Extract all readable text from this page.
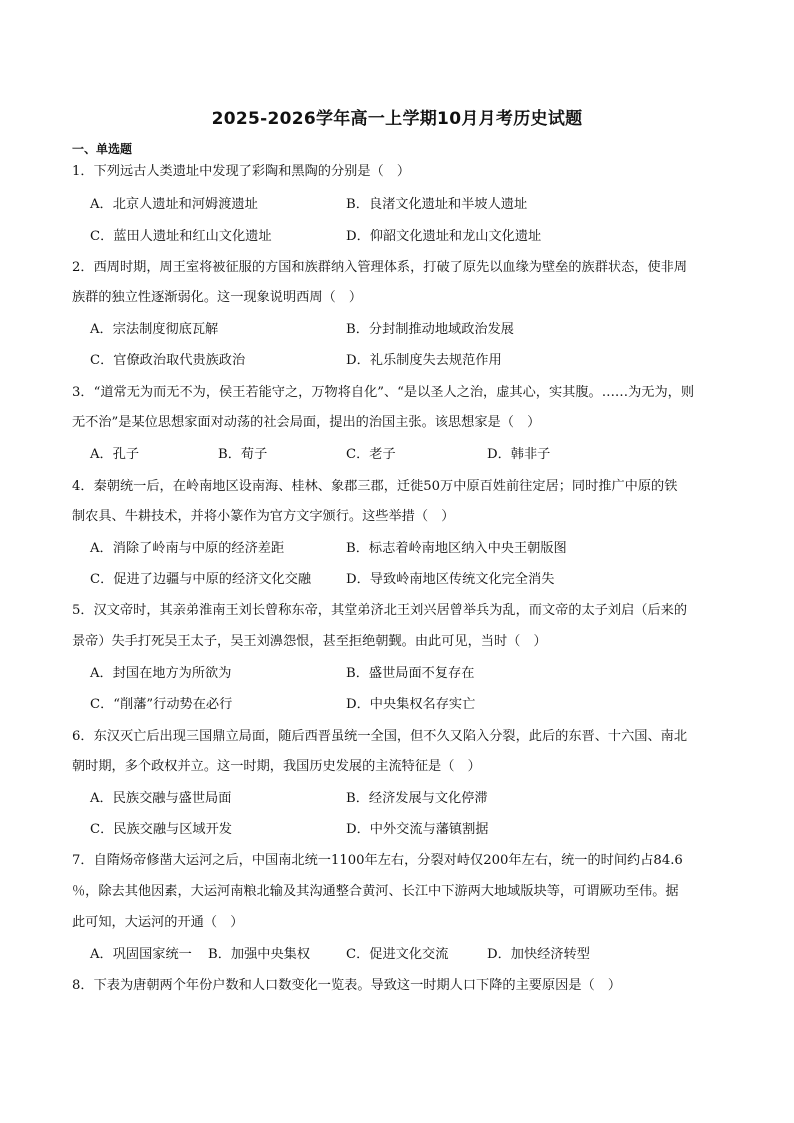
2025-2026学年高一上学期10月月考历史试题
一、单选题
1．下列远古人类遗址中发现了彩陶和黑陶的分别是（　）
A．北京人遗址和河姆渡遗址	B．良渚文化遗址和半坡人遗址
C．蓝田人遗址和红山文化遗址	D．仰韶文化遗址和龙山文化遗址
2．西周时期，周王室将被征服的方国和族群纳入管理体系，打破了原先以血缘为壁垒的族群状态，使非周
族群的独立性逐渐弱化。这一现象说明西周（　）
A．宗法制度彻底瓦解	B．分封制推动地域政治发展
C．官僚政治取代贵族政治	D．礼乐制度失去规范作用
3．“道常无为而无不为，侯王若能守之，万物将自化”、“是以圣人之治，虚其心，实其腹。……为无为，则
无不治”是某位思想家面对动荡的社会局面，提出的治国主张。该思想家是（　）
A．孔子	B．荀子	C．老子	D．韩非子
4．秦朝统一后，在岭南地区设南海、桂林、象郡三郡，迁徙50万中原百姓前往定居；同时推广中原的铁
制农具、牛耕技术，并将小篆作为官方文字颁行。这些举措（　）
A．消除了岭南与中原的经济差距	B．标志着岭南地区纳入中央王朝版图
C．促进了边疆与中原的经济文化交融	D．导致岭南地区传统文化完全消失
5．汉文帝时，其亲弟淮南王刘长曾称东帝，其堂弟济北王刘兴居曾举兵为乱，而文帝的太子刘启（后来的
景帝）失手打死吴王太子，吴王刘濞怨恨，甚至拒绝朝觐。由此可见，当时（　）
A．封国在地方为所欲为	B．盛世局面不复存在
C．“削藩”行动势在必行	D．中央集权名存实亡
6．东汉灭亡后出现三国鼎立局面，随后西晋虽统一全国，但不久又陷入分裂，此后的东晋、十六国、南北
朝时期，多个政权并立。这一时期，我国历史发展的主流特征是（　）
A．民族交融与盛世局面	B．经济发展与文化停滞
C．民族交融与区域开发	D．中外交流与藩镇割据
7．自隋炀帝修凿大运河之后，中国南北统一1100年左右，分裂对峙仅200年左右，统一的时间约占84.6
％，除去其他因素，大运河南粮北输及其沟通整合黄河、长江中下游两大地域版块等，可谓厥功至伟。据
此可知，大运河的开通（　）
A．巩固国家统一 B．加强中央集权	C．促进文化交流	D．加快经济转型
8．下表为唐朝两个年份户数和人口数变化一览表。导致这一时期人口下降的主要原因是（　）
